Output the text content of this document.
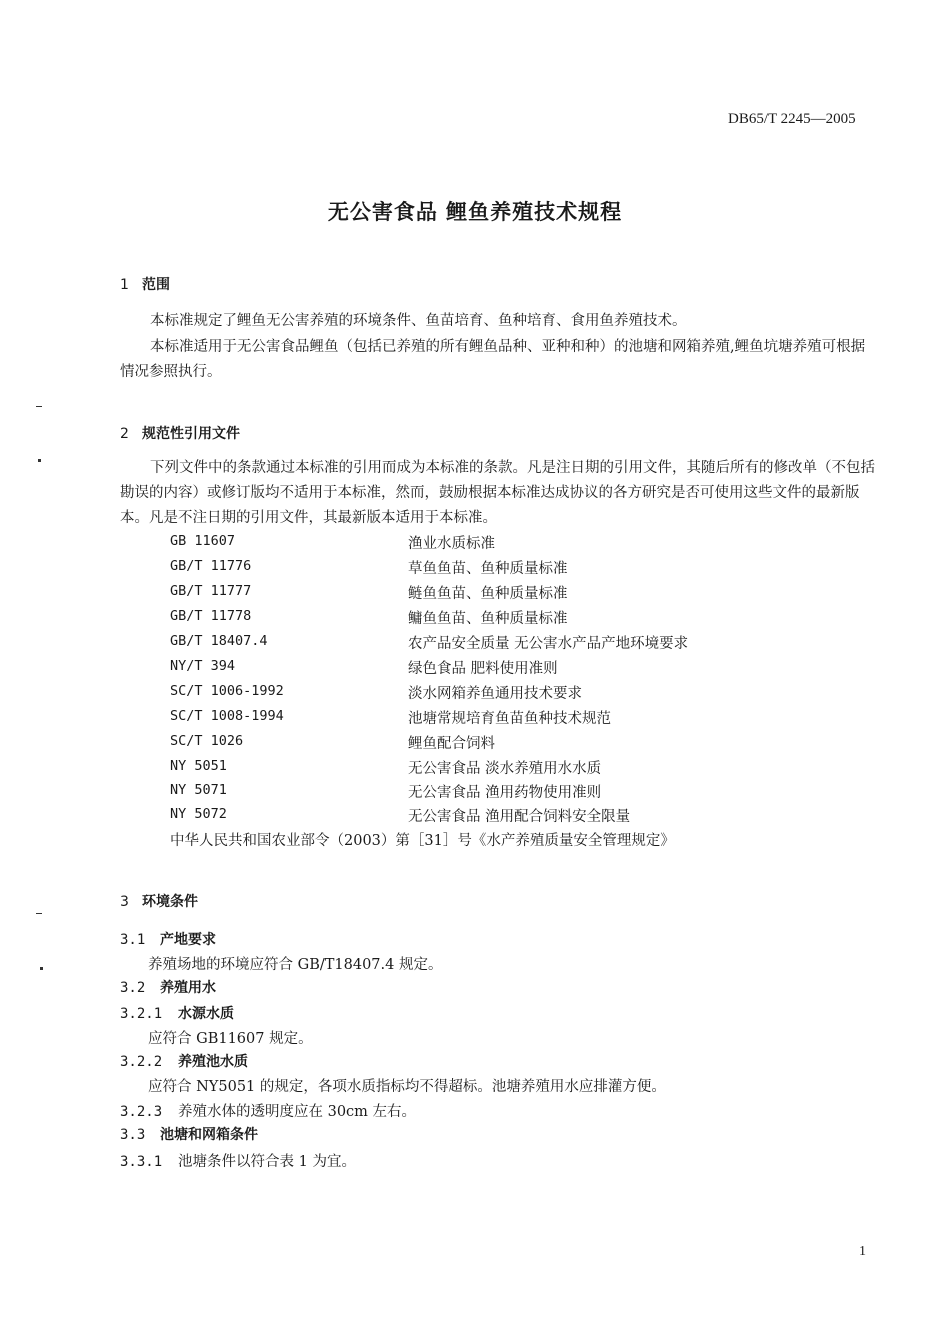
DB65/T 2245—2005
无公害食品 鲤鱼养殖技术规程
1 范围
本标准规定了鲤鱼无公害养殖的环境条件、鱼苗培育、鱼种培育、食用鱼养殖技术。
本标准适用于无公害食品鲤鱼（包括已养殖的所有鲤鱼品种、亚种和种）的池塘和网箱养殖,鲤鱼坑塘养殖可根据情况参照执行。
2 规范性引用文件
下列文件中的条款通过本标准的引用而成为本标准的条款。凡是注日期的引用文件，其随后所有的修改单（不包括勘误的内容）或修订版均不适用于本标准，然而，鼓励根据本标准达成协议的各方研究是否可使用这些文件的最新版本。凡是不注日期的引用文件，其最新版本适用于本标准。
GB 11607	渔业水质标准
GB/T 11776	草鱼鱼苗、鱼种质量标准
GB/T 11777	鲢鱼鱼苗、鱼种质量标准
GB/T 11778	鳙鱼鱼苗、鱼种质量标准
GB/T 18407.4	农产品安全质量 无公害水产品产地环境要求
NY/T 394	绿色食品 肥料使用准则
SC/T 1006-1992	淡水网箱养鱼通用技术要求
SC/T 1008-1994	池塘常规培育鱼苗鱼种技术规范
SC/T 1026	鲤鱼配合饲料
NY 5051	无公害食品 淡水养殖用水水质
NY 5071	无公害食品 渔用药物使用准则
NY 5072	无公害食品 渔用配合饲料安全限量
中华人民共和国农业部令（2003）第［31］号《水产养殖质量安全管理规定》
3 环境条件
3.1 产地要求
养殖场地的环境应符合 GB/T18407.4 规定。
3.2 养殖用水
3.2.1 水源水质
应符合 GB11607 规定。
3.2.2 养殖池水质
应符合 NY5051 的规定，各项水质指标均不得超标。池塘养殖用水应排灌方便。
3.2.3 养殖水体的透明度应在 30cm 左右。
3.3 池塘和网箱条件
3.3.1 池塘条件以符合表 1 为宜。
1
